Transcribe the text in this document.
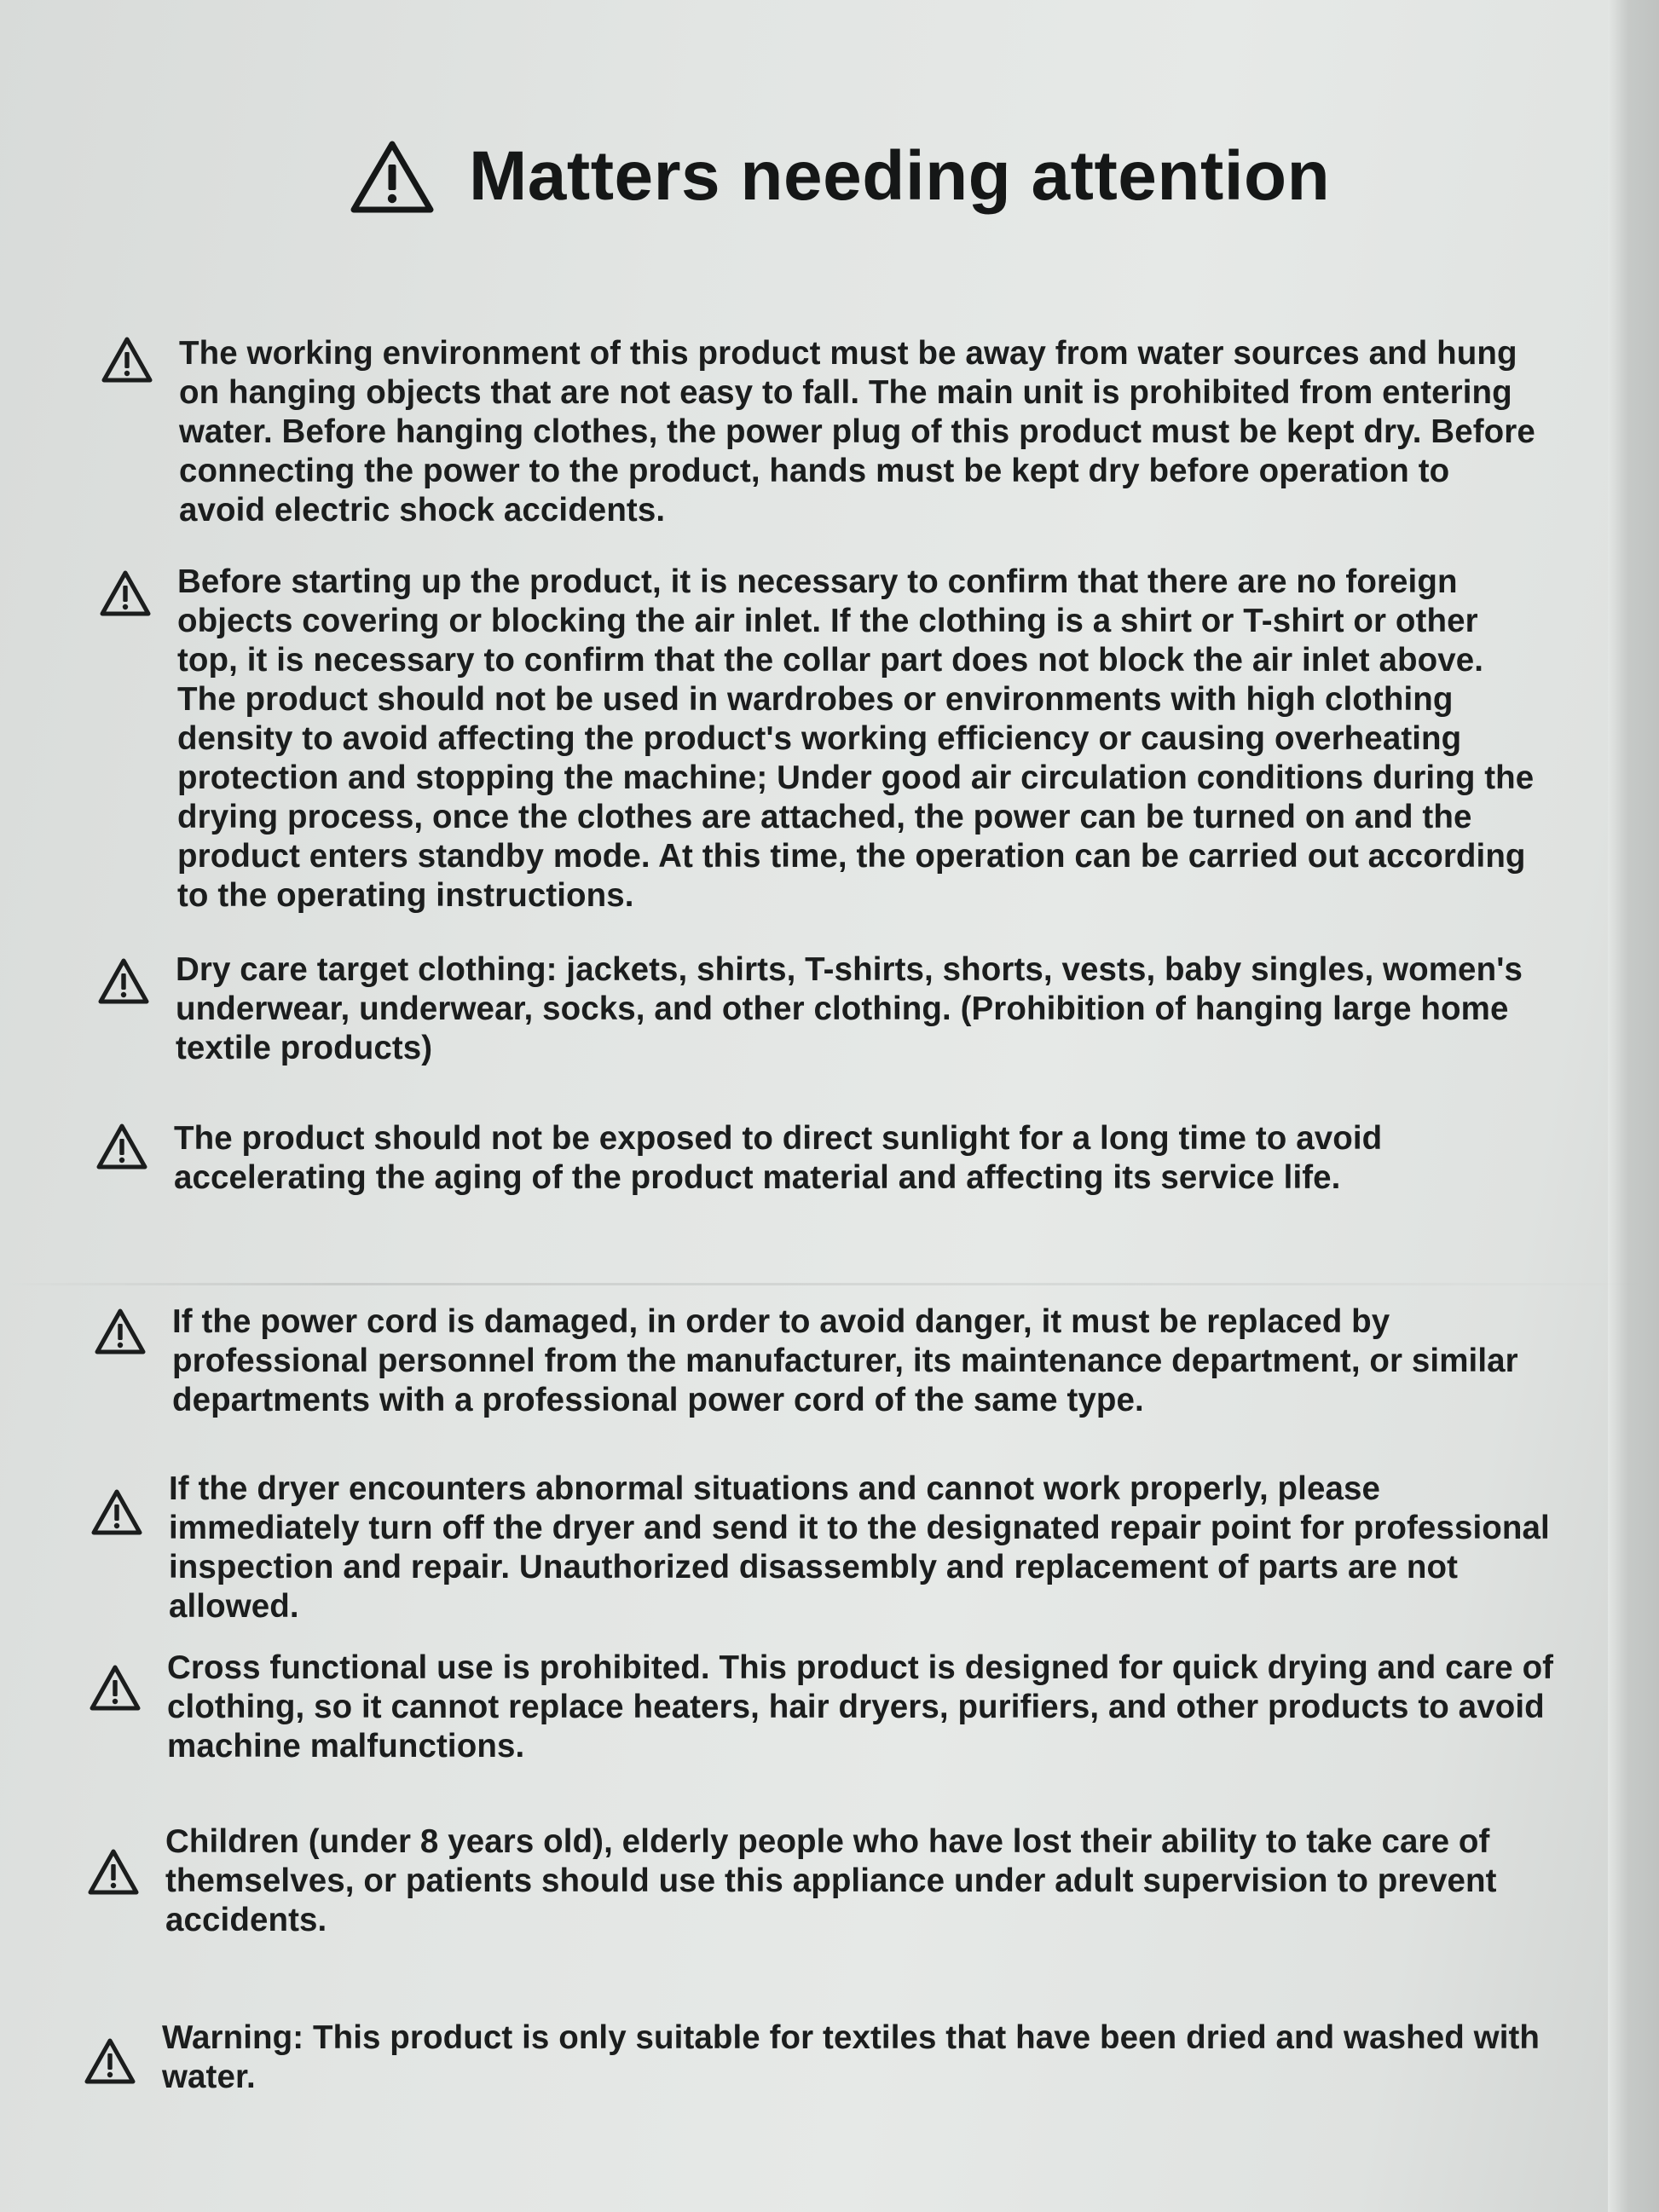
Matters needing attention
The working environment of this product must be away from water sources and hung on hanging objects that are not easy to fall. The main unit is prohibited from entering water. Before hanging clothes, the power plug of this product must be kept dry. Before connecting the power to the product, hands must be kept dry before operation to avoid electric shock accidents.
Before starting up the product, it is necessary to confirm that there are no foreign objects covering or blocking the air inlet. If the clothing is a shirt or T-shirt or other top, it is necessary to confirm that the collar part does not block the air inlet above. The product should not be used in wardrobes or environments with high clothing density to avoid affecting the product's working efficiency or causing overheating protection and stopping the machine; Under good air circulation conditions during the drying process, once the clothes are attached, the power can be turned on and the product enters standby mode. At this time, the operation can be carried out according to the operating instructions.
Dry care target clothing: jackets, shirts, T-shirts, shorts, vests, baby singles, women's underwear, underwear, socks, and other clothing. (Prohibition of hanging large home textile products)
The product should not be exposed to direct sunlight for a long time to avoid accelerating the aging of the product material and affecting its service life.
If the power cord is damaged, in order to avoid danger, it must be replaced by professional personnel from the manufacturer, its maintenance department, or similar departments with a professional power cord of the same type.
If the dryer encounters abnormal situations and cannot work properly, please immediately turn off the dryer and send it to the designated repair point for professional inspection and repair. Unauthorized disassembly and replacement of parts are not allowed.
Cross functional use is prohibited. This product is designed for quick drying and care of clothing, so it cannot replace heaters, hair dryers, purifiers, and other products to avoid machine malfunctions.
Children (under 8 years old), elderly people who have lost their ability to take care of themselves, or patients should use this appliance under adult supervision to prevent accidents.
Warning: This product is only suitable for textiles that have been dried and washed with water.
